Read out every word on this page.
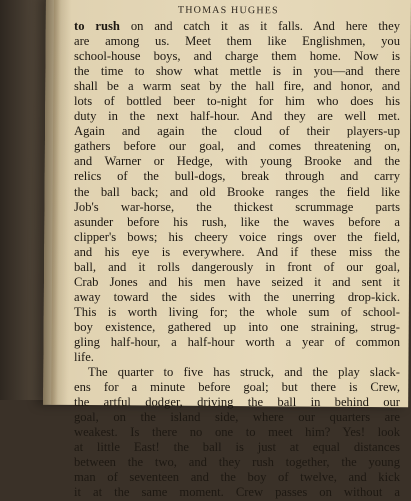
THOMAS HUGHES
to rush on and catch it as it falls. And here they
are among us. Meet them like Englishmen, you
school-house boys, and charge them home. Now is
the time to show what mettle is in you—and there
shall be a warm seat by the hall fire, and honor, and
lots of bottled beer to-night for him who does his
duty in the next half-hour. And they are well met.
Again and again the cloud of their players-up
gathers before our goal, and comes threatening on,
and Warner or Hedge, with young Brooke and the
relics of the bull-dogs, break through and carry
the ball back; and old Brooke ranges the field like
Job's war-horse, the thickest scrummage parts
asunder before his rush, like the waves before a
clipper's bows; his cheery voice rings over the field,
and his eye is everywhere. And if these miss the
ball, and it rolls dangerously in front of our goal,
Crab Jones and his men have seized it and sent it
away toward the sides with the unerring drop-kick.
This is worth living for; the whole sum of school-
boy existence, gathered up into one straining, strug-
gling half-hour, a half-hour worth a year of common
life.
The quarter to five has struck, and the play slack-
ens for a minute before goal; but there is Crew,
the artful dodger, driving the ball in behind our
goal, on the island side, where our quarters are
weakest. Is there no one to meet him? Yes! look
at little East! the ball is just at equal distances
between the two, and they rush together, the young
man of seventeen and the boy of twelve, and kick
it at the same moment. Crew passes on without a
